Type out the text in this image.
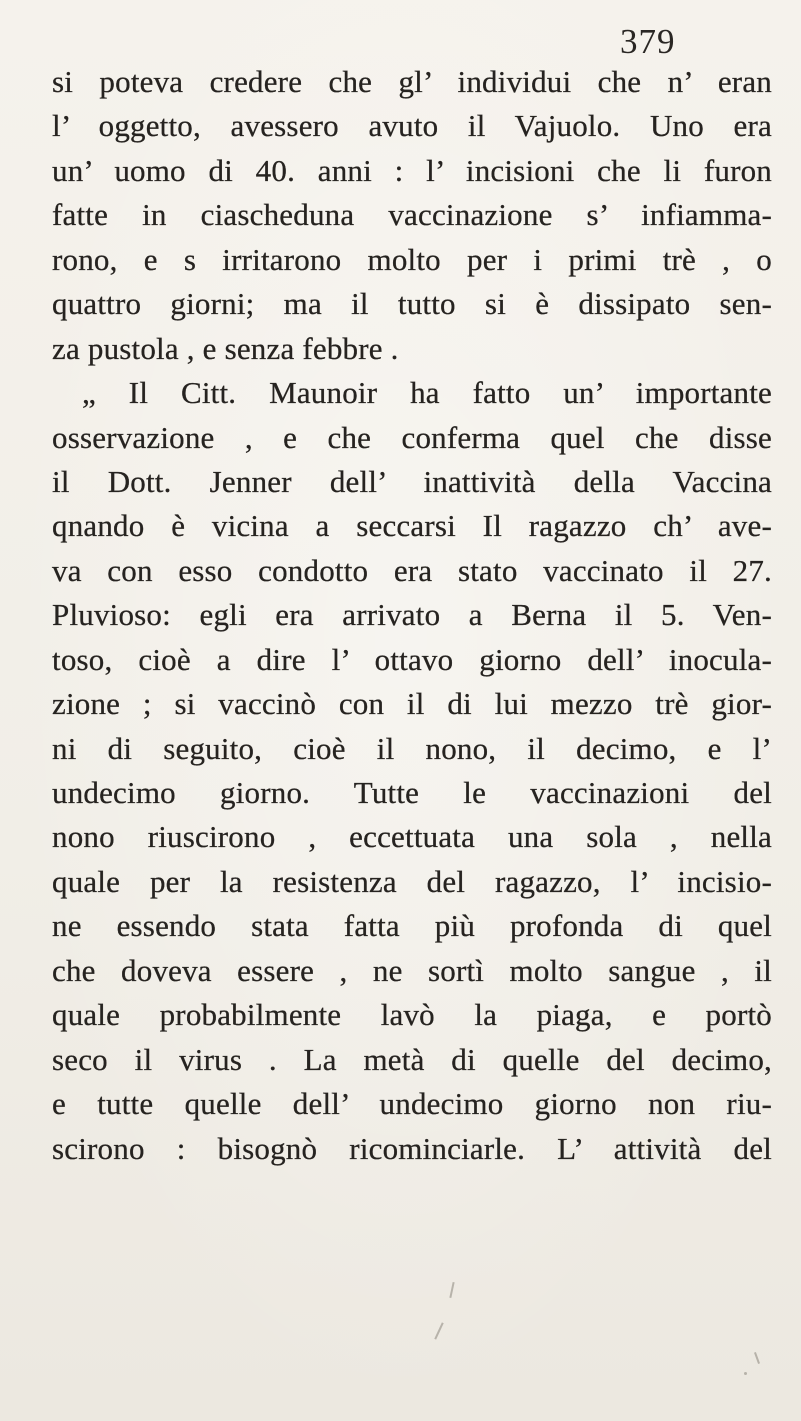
379
si poteva credere che gl’ individui che n’ eran
l’ oggetto, avessero avuto il Vajuolo. Uno era
un’ uomo di 40. anni : l’ incisioni che li furon
fatte in ciascheduna vaccinazione s’ infiamma-
rono, e s irritarono molto per i primi trè , o
quattro giorni; ma il tutto si è dissipato sen-
za pustola , e senza febbre .
„ Il Citt. Maunoir ha fatto un’ importante
osservazione , e che conferma quel che disse
il Dott. Jenner dell’ inattività della Vaccina
qnando è vicina a seccarsi Il ragazzo ch’ ave-
va con esso condotto era stato vaccinato il 27.
Pluvioso: egli era arrivato a Berna il 5. Ven-
toso, cioè a dire l’ ottavo giorno dell’ inocula-
zione ; si vaccinò con il di lui mezzo trè gior-
ni di seguito, cioè il nono, il decimo, e l’
undecimo giorno. Tutte le vaccinazioni del
nono riuscirono , eccettuata una sola , nella
quale per la resistenza del ragazzo, l’ incisio-
ne essendo stata fatta più profonda di quel
che doveva essere , ne sortì molto sangue , il
quale probabilmente lavò la piaga, e portò
seco il virus . La metà di quelle del decimo,
e tutte quelle dell’ undecimo giorno non riu-
scirono : bisognò ricominciarle. L’ attività del
